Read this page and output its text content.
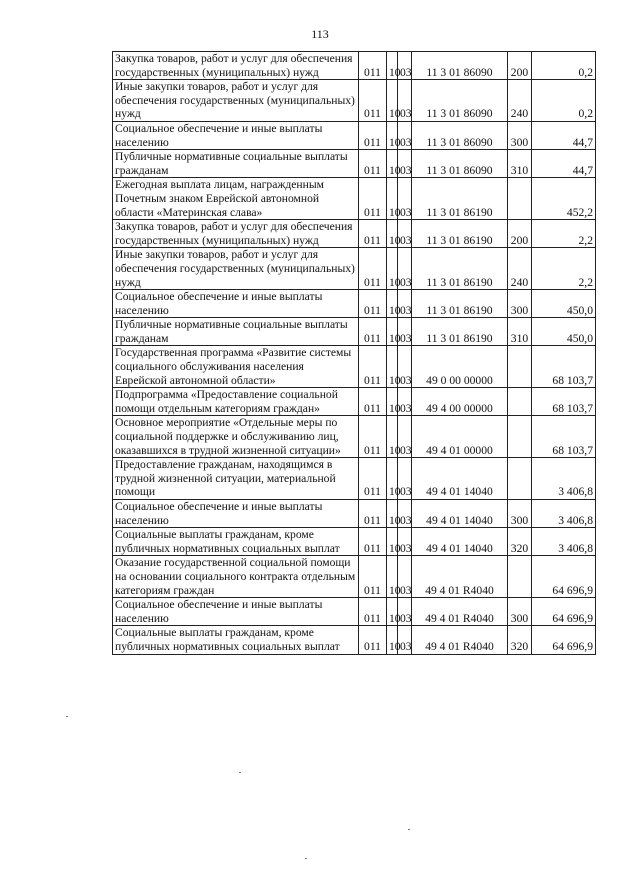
113
Закупка товаров, работ и услуг для обеспечения государственных (муниципальных) нужд	011	10	03	11 3 01 86090	200	0,2
Иные закупки товаров, работ и услуг для обеспечения государственных (муниципальных) нужд	011	10	03	11 3 01 86090	240	0,2
Социальное обеспечение и иные выплаты населению	011	10	03	11 3 01 86090	300	44,7
Публичные нормативные социальные выплаты гражданам	011	10	03	11 3 01 86090	310	44,7
Ежегодная выплата лицам, награжденным Почетным знаком Еврейской автономной области «Материнская слава»	011	10	03	11 3 01 86190		452,2
Закупка товаров, работ и услуг для обеспечения государственных (муниципальных) нужд	011	10	03	11 3 01 86190	200	2,2
Иные закупки товаров, работ и услуг для обеспечения государственных (муниципальных) нужд	011	10	03	11 3 01 86190	240	2,2
Социальное обеспечение и иные выплаты населению	011	10	03	11 3 01 86190	300	450,0
Публичные нормативные социальные выплаты гражданам	011	10	03	11 3 01 86190	310	450,0
Государственная программа «Развитие системы социального обслуживания населения Еврейской автономной области»	011	10	03	49 0 00 00000		68 103,7
Подпрограмма «Предоставление социальной помощи отдельным категориям граждан»	011	10	03	49 4 00 00000		68 103,7
Основное мероприятие «Отдельные меры по социальной поддержке и обслуживанию лиц, оказавшихся в трудной жизненной ситуации»	011	10	03	49 4 01 00000		68 103,7
Предоставление гражданам, находящимся в трудной жизненной ситуации, материальной помощи	011	10	03	49 4 01 14040		3 406,8
Социальное обеспечение и иные выплаты населению	011	10	03	49 4 01 14040	300	3 406,8
Социальные выплаты гражданам, кроме публичных нормативных социальных выплат	011	10	03	49 4 01 14040	320	3 406,8
Оказание государственной социальной помощи на основании социального контракта отдельным категориям граждан	011	10	03	49 4 01 R4040		64 696,9
Социальное обеспечение и иные выплаты населению	011	10	03	49 4 01 R4040	300	64 696,9
Социальные выплаты гражданам, кроме публичных нормативных социальных выплат	011	10	03	49 4 01 R4040	320	64 696,9
